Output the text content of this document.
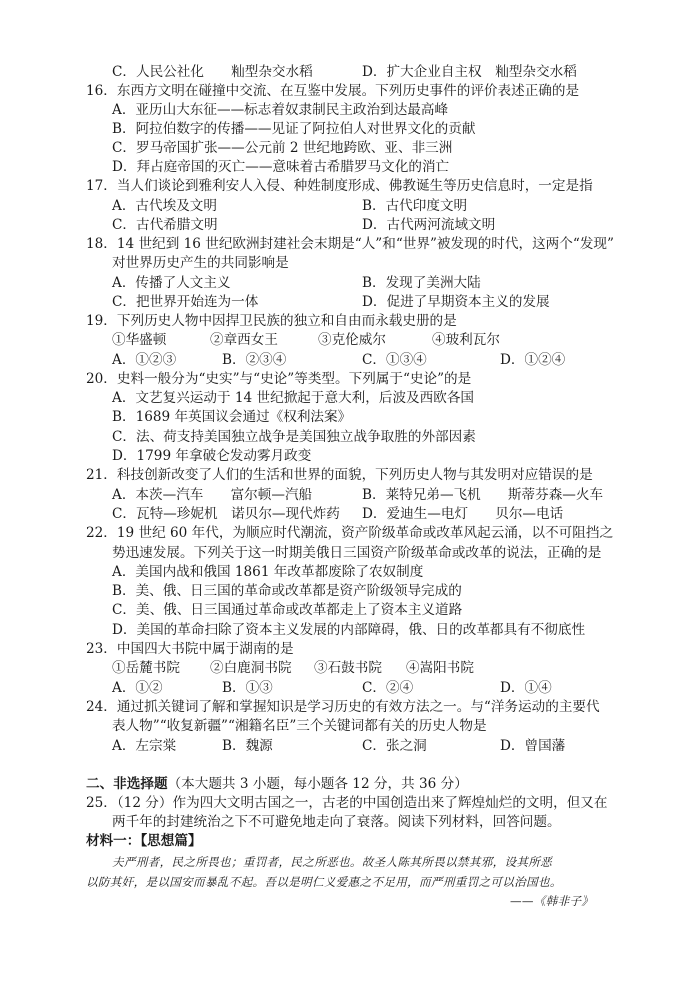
C．人民公社化　　籼型杂交水稻	D．扩大企业自主权　籼型杂交水稻
16．东西方文明在碰撞中交流、在互鉴中发展。下列历史事件的评价表述正确的是
A．亚历山大东征——标志着奴隶制民主政治到达最高峰
B．阿拉伯数字的传播——见证了阿拉伯人对世界文化的贡献
C．罗马帝国扩张——公元前 2 世纪地跨欧、亚、非三洲
D．拜占庭帝国的灭亡——意味着古希腊罗马文化的消亡
17．当人们谈论到雅利安人入侵、种姓制度形成、佛教诞生等历史信息时，一定是指
A．古代埃及文明	B．古代印度文明
C．古代希腊文明	D．古代两河流域文明
18．14 世纪到 16 世纪欧洲封建社会末期是“人”和“世界”被发现的时代，这两个“发现”
对世界历史产生的共同影响是
A．传播了人文主义	B．发现了美洲大陆
C．把世界开始连为一体	D．促进了早期资本主义的发展
19．下列历史人物中因捍卫民族的独立和自由而永载史册的是
①华盛顿	②章西女王	③克伦威尔	④玻利瓦尔
A．①②③	B．②③④	C．①③④	D．①②④
20．史料一般分为“史实”与“史论”等类型。下列属于“史论”的是
A．文艺复兴运动于 14 世纪掀起于意大利，后波及西欧各国
B．1689 年英国议会通过《权利法案》
C．法、荷支持美国独立战争是美国独立战争取胜的外部因素
D．1799 年拿破仑发动雾月政变
21．科技创新改变了人们的生活和世界的面貌，下列历史人物与其发明对应错误的是
A．本茨—汽车　　富尔顿—汽船	B．莱特兄弟—飞机　　斯蒂芬森—火车
C．瓦特—珍妮机　诺贝尔—现代炸药 D．爱迪生—电灯　　贝尔—电话
22．19 世纪 60 年代，为顺应时代潮流，资产阶级革命或改革风起云涌，以不可阻挡之
势迅速发展。下列关于这一时期美俄日三国资产阶级革命或改革的说法，正确的是
A．美国内战和俄国 1861 年改革都废除了农奴制度
B．美、俄、日三国的革命或改革都是资产阶级领导完成的
C．美、俄、日三国通过革命或改革都走上了资本主义道路
D．美国的革命扫除了资本主义发展的内部障碍，俄、日的改革都具有不彻底性
23．中国四大书院中属于湖南的是
①岳麓书院 ②白鹿洞书院 ③石鼓书院 ④嵩阳书院
A．①②	B．①③	C．②④	D．①④
24．通过抓关键词了解和掌握知识是学习历史的有效方法之一。与“洋务运动的主要代
表人物”“收复新疆”“湘籍名臣”三个关键词都有关的历史人物是
A．左宗棠	B．魏源	C．张之洞	D．曾国藩
二、非选择题（本大题共 3 小题，每小题各 12 分，共 36 分）
25．（12 分）作为四大文明古国之一，古老的中国创造出来了辉煌灿烂的文明，但又在
两千年的封建统治之下不可避免地走向了衰落。阅读下列材料，回答问题。
材料一：【思想篇】
夫严刑者，民之所畏也；重罚者，民之所恶也。故圣人陈其所畏以禁其邪，设其所恶
以防其奸，是以国安而暴乱不起。吾以是明仁义爱惠之不足用，而严刑重罚之可以治国也。
——《韩非子》
